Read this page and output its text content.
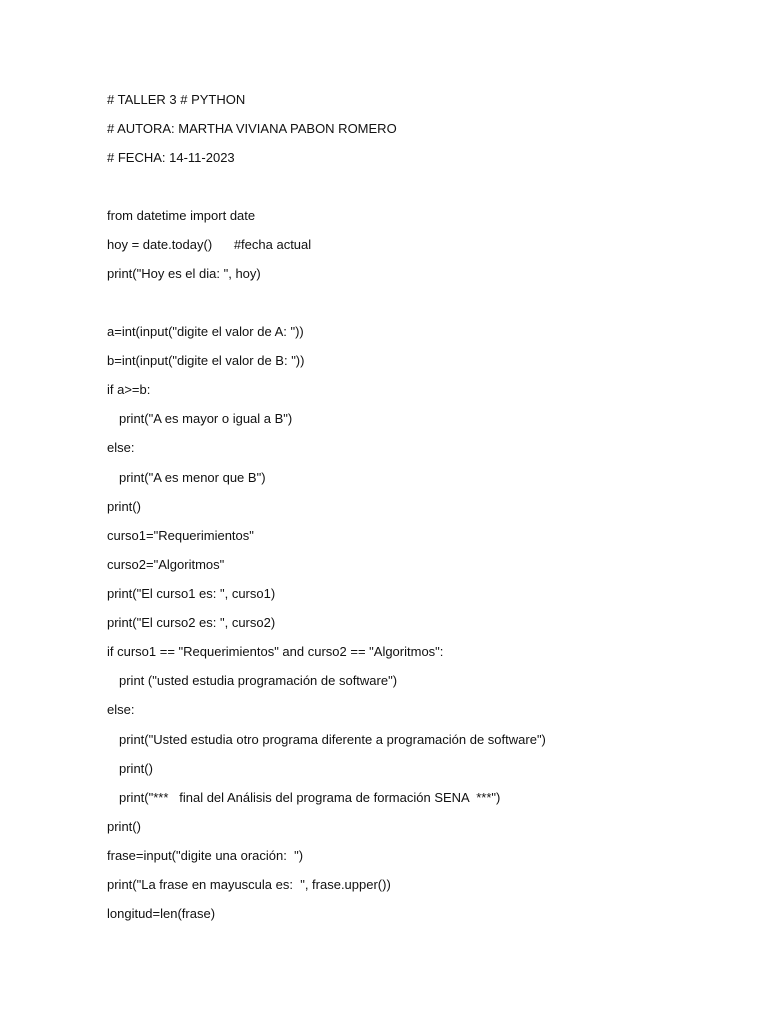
# TALLER 3 # PYTHON
# AUTORA: MARTHA VIVIANA PABON ROMERO
# FECHA: 14-11-2023
from datetime import date
hoy = date.today()      #fecha actual
print("Hoy es el dia: ", hoy)
a=int(input("digite el valor de A: "))
b=int(input("digite el valor de B: "))
if a>=b:
print("A es mayor o igual a B")
else:
print("A es menor que B")
print()
curso1="Requerimientos"
curso2="Algoritmos"
print("El curso1 es: ", curso1)
print("El curso2 es: ", curso2)
if curso1 == "Requerimientos" and curso2 == "Algoritmos":
print ("usted estudia programación de software")
else:
print("Usted estudia otro programa diferente a programación de software")
print()
print("***   final del Análisis del programa de formación SENA  ***")
print()
frase=input("digite una oración:  ")
print("La frase en mayuscula es:  ", frase.upper())
longitud=len(frase)
